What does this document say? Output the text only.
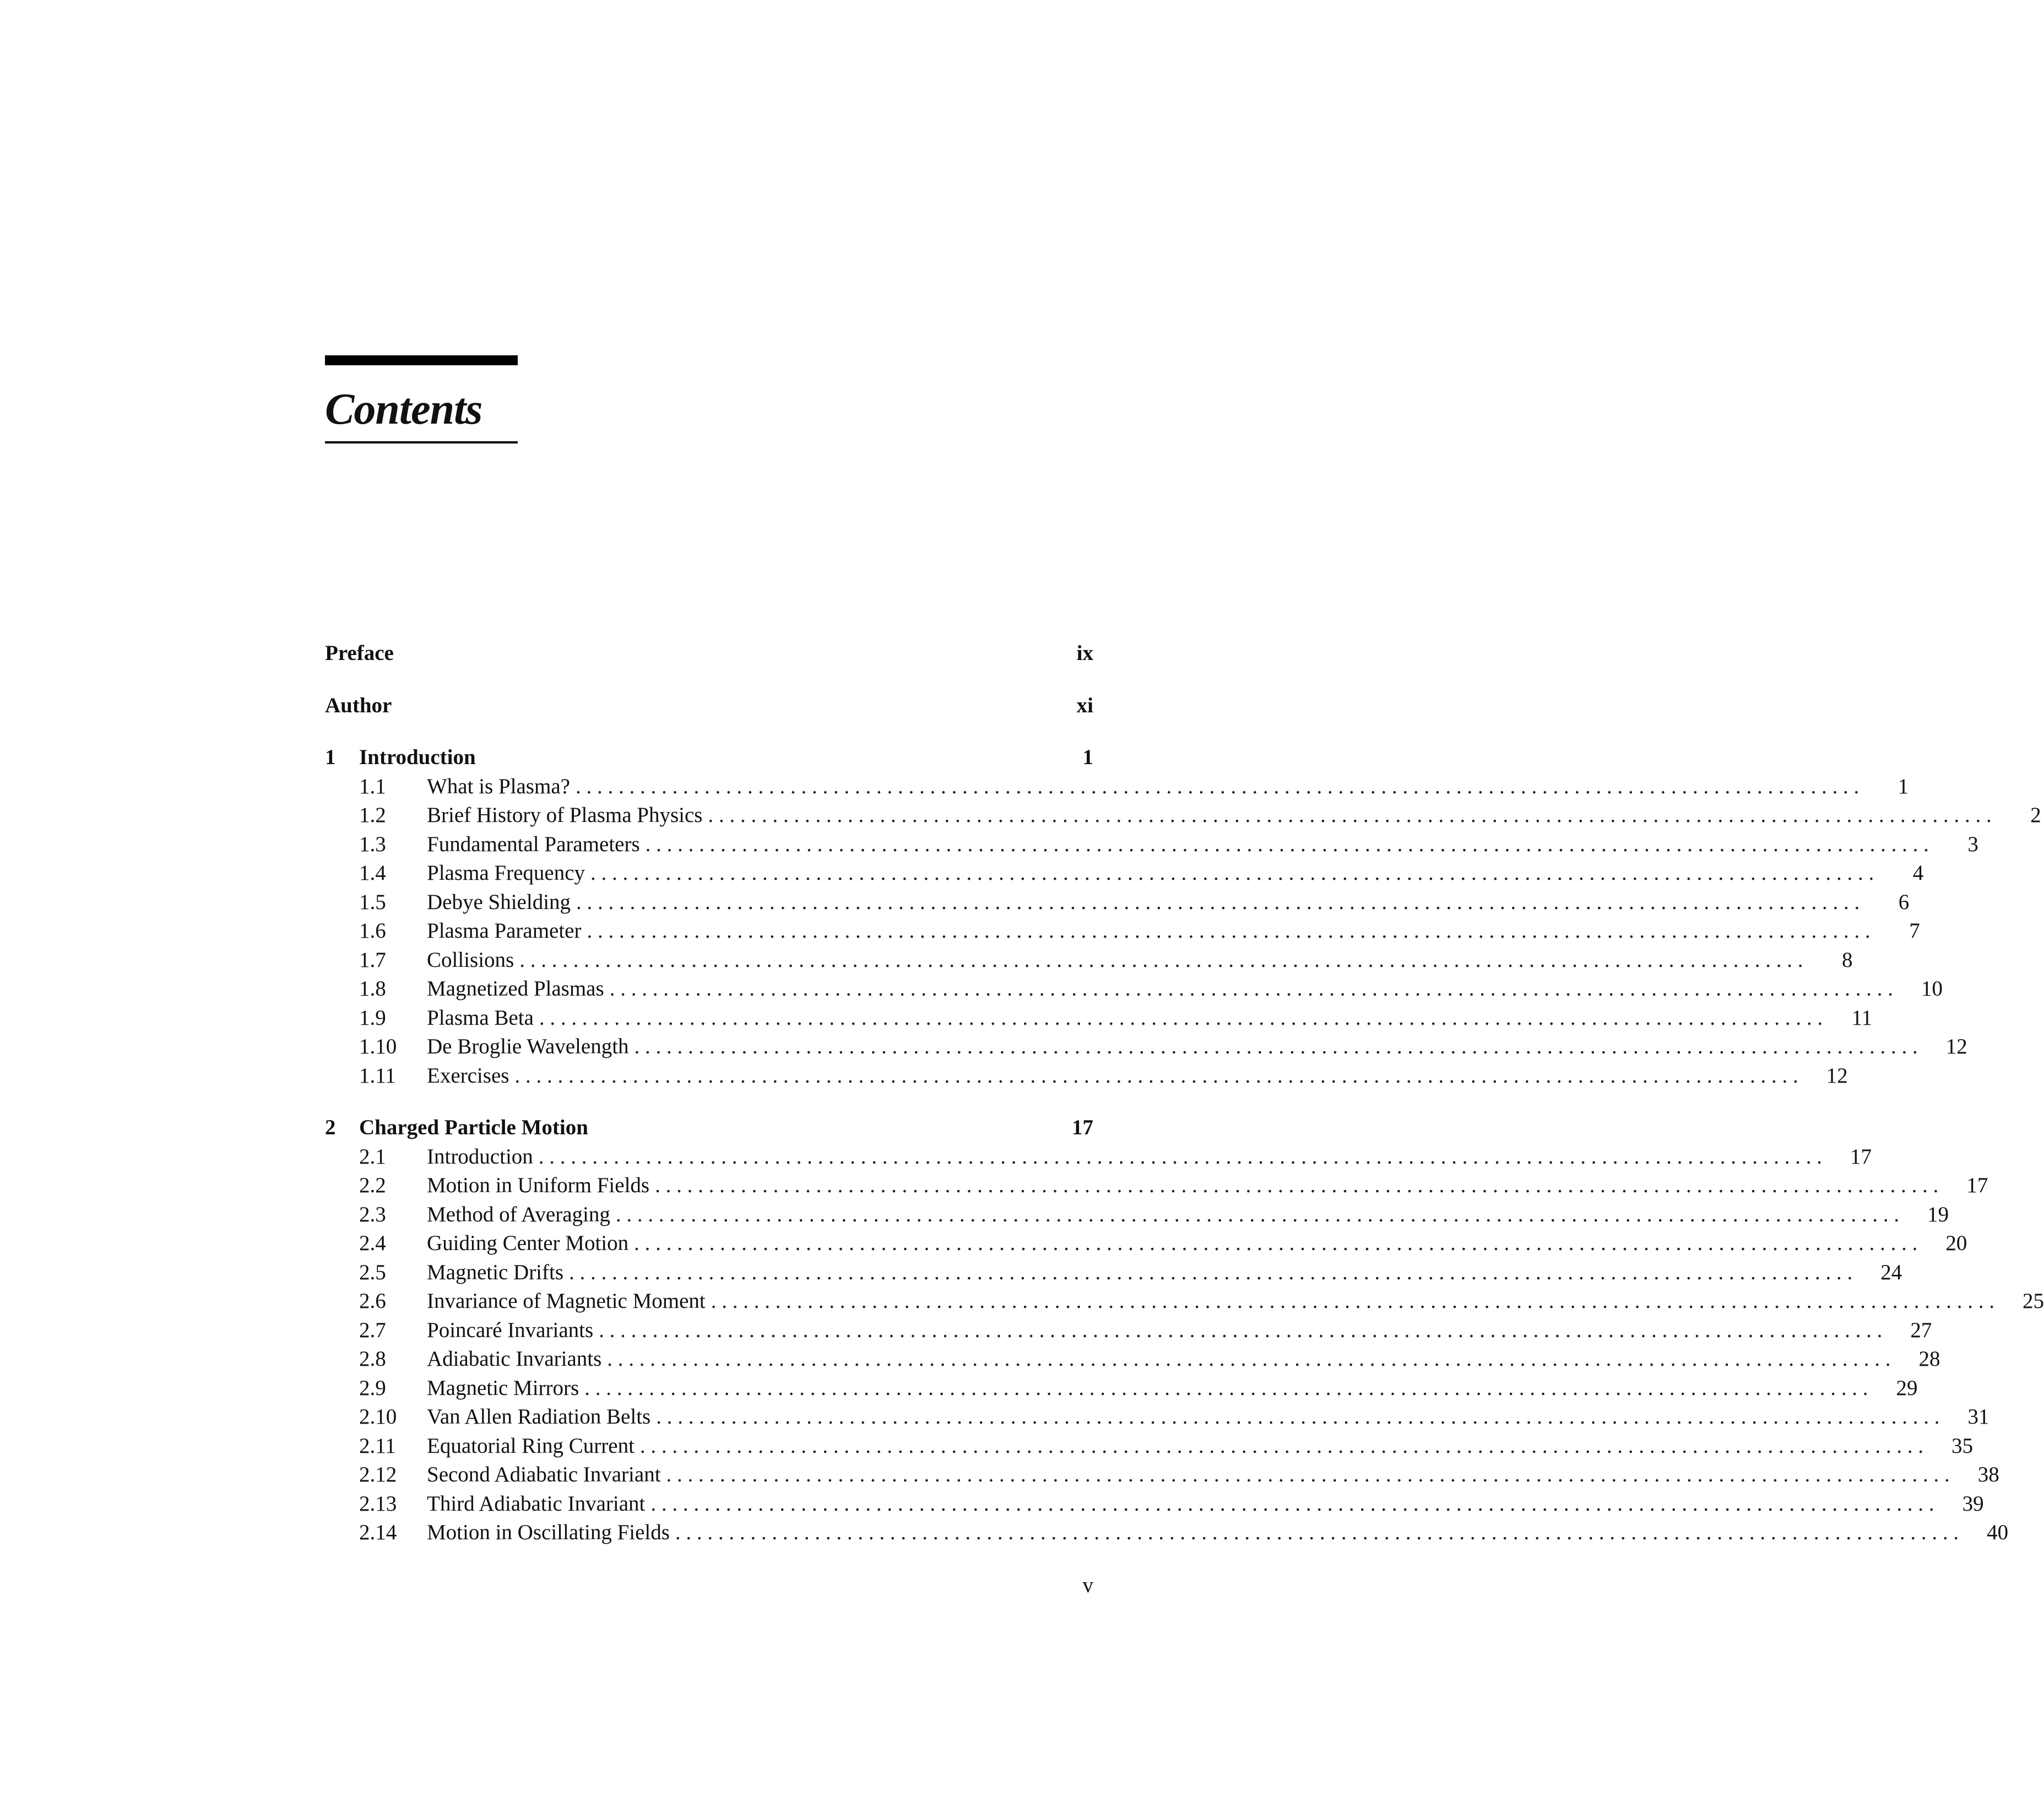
Contents
Preface	ix
Author	xi
1	Introduction	1
1.1	What is Plasma? . . . . . . . . . . . . . . . . . . . . . . . . . . . . . . . . . . . . . . . . . . . . . . . . . . . . . . . . . . . . . . . . . . . . . . . . . . . . . . . . . . . . . . . . . . . . . . . . . . . . . . . . . . . . . . . . . . . . . . . .	1
1.2	Brief History of Plasma Physics . . . . . . . . . . . . . . . . . . . . . . . . . . . . . . . . . . . . . . . . . . . . . . . . . . . . . . . . . . . . . . . . . . . . . . . . . . . . . . . . . . . . . . . . . . . . . . . . . . . . . . . . . . . . . . . . . . . . . . . .	2
1.3	Fundamental Parameters . . . . . . . . . . . . . . . . . . . . . . . . . . . . . . . . . . . . . . . . . . . . . . . . . . . . . . . . . . . . . . . . . . . . . . . . . . . . . . . . . . . . . . . . . . . . . . . . . . . . . . . . . . . . . . . . . . . . . . . .	3
1.4	Plasma Frequency . . . . . . . . . . . . . . . . . . . . . . . . . . . . . . . . . . . . . . . . . . . . . . . . . . . . . . . . . . . . . . . . . . . . . . . . . . . . . . . . . . . . . . . . . . . . . . . . . . . . . . . . . . . . . . . . . . . . . . . .	4
1.5	Debye Shielding . . . . . . . . . . . . . . . . . . . . . . . . . . . . . . . . . . . . . . . . . . . . . . . . . . . . . . . . . . . . . . . . . . . . . . . . . . . . . . . . . . . . . . . . . . . . . . . . . . . . . . . . . . . . . . . . . . . . . . . .	6
1.6	Plasma Parameter . . . . . . . . . . . . . . . . . . . . . . . . . . . . . . . . . . . . . . . . . . . . . . . . . . . . . . . . . . . . . . . . . . . . . . . . . . . . . . . . . . . . . . . . . . . . . . . . . . . . . . . . . . . . . . . . . . . . . . . .	7
1.7	Collisions . . . . . . . . . . . . . . . . . . . . . . . . . . . . . . . . . . . . . . . . . . . . . . . . . . . . . . . . . . . . . . . . . . . . . . . . . . . . . . . . . . . . . . . . . . . . . . . . . . . . . . . . . . . . . . . . . . . . . . . .	8
1.8	Magnetized Plasmas . . . . . . . . . . . . . . . . . . . . . . . . . . . . . . . . . . . . . . . . . . . . . . . . . . . . . . . . . . . . . . . . . . . . . . . . . . . . . . . . . . . . . . . . . . . . . . . . . . . . . . . . . . . . . . . . . . . . . . . .	10
1.9	Plasma Beta . . . . . . . . . . . . . . . . . . . . . . . . . . . . . . . . . . . . . . . . . . . . . . . . . . . . . . . . . . . . . . . . . . . . . . . . . . . . . . . . . . . . . . . . . . . . . . . . . . . . . . . . . . . . . . . . . . . . . . . .	11
1.10	De Broglie Wavelength . . . . . . . . . . . . . . . . . . . . . . . . . . . . . . . . . . . . . . . . . . . . . . . . . . . . . . . . . . . . . . . . . . . . . . . . . . . . . . . . . . . . . . . . . . . . . . . . . . . . . . . . . . . . . . . . . . . . . . . .	12
1.11	Exercises . . . . . . . . . . . . . . . . . . . . . . . . . . . . . . . . . . . . . . . . . . . . . . . . . . . . . . . . . . . . . . . . . . . . . . . . . . . . . . . . . . . . . . . . . . . . . . . . . . . . . . . . . . . . . . . . . . . . . . . .	12
2	Charged Particle Motion	17
2.1	Introduction . . . . . . . . . . . . . . . . . . . . . . . . . . . . . . . . . . . . . . . . . . . . . . . . . . . . . . . . . . . . . . . . . . . . . . . . . . . . . . . . . . . . . . . . . . . . . . . . . . . . . . . . . . . . . . . . . . . . . . . .	17
2.2	Motion in Uniform Fields . . . . . . . . . . . . . . . . . . . . . . . . . . . . . . . . . . . . . . . . . . . . . . . . . . . . . . . . . . . . . . . . . . . . . . . . . . . . . . . . . . . . . . . . . . . . . . . . . . . . . . . . . . . . . . . . . . . . . . . .	17
2.3	Method of Averaging . . . . . . . . . . . . . . . . . . . . . . . . . . . . . . . . . . . . . . . . . . . . . . . . . . . . . . . . . . . . . . . . . . . . . . . . . . . . . . . . . . . . . . . . . . . . . . . . . . . . . . . . . . . . . . . . . . . . . . . .	19
2.4	Guiding Center Motion . . . . . . . . . . . . . . . . . . . . . . . . . . . . . . . . . . . . . . . . . . . . . . . . . . . . . . . . . . . . . . . . . . . . . . . . . . . . . . . . . . . . . . . . . . . . . . . . . . . . . . . . . . . . . . . . . . . . . . . .	20
2.5	Magnetic Drifts . . . . . . . . . . . . . . . . . . . . . . . . . . . . . . . . . . . . . . . . . . . . . . . . . . . . . . . . . . . . . . . . . . . . . . . . . . . . . . . . . . . . . . . . . . . . . . . . . . . . . . . . . . . . . . . . . . . . . . . .	24
2.6	Invariance of Magnetic Moment . . . . . . . . . . . . . . . . . . . . . . . . . . . . . . . . . . . . . . . . . . . . . . . . . . . . . . . . . . . . . . . . . . . . . . . . . . . . . . . . . . . . . . . . . . . . . . . . . . . . . . . . . . . . . . . . . . . . . . . .	25
2.7	Poincaré Invariants . . . . . . . . . . . . . . . . . . . . . . . . . . . . . . . . . . . . . . . . . . . . . . . . . . . . . . . . . . . . . . . . . . . . . . . . . . . . . . . . . . . . . . . . . . . . . . . . . . . . . . . . . . . . . . . . . . . . . . . .	27
2.8	Adiabatic Invariants . . . . . . . . . . . . . . . . . . . . . . . . . . . . . . . . . . . . . . . . . . . . . . . . . . . . . . . . . . . . . . . . . . . . . . . . . . . . . . . . . . . . . . . . . . . . . . . . . . . . . . . . . . . . . . . . . . . . . . . .	28
2.9	Magnetic Mirrors . . . . . . . . . . . . . . . . . . . . . . . . . . . . . . . . . . . . . . . . . . . . . . . . . . . . . . . . . . . . . . . . . . . . . . . . . . . . . . . . . . . . . . . . . . . . . . . . . . . . . . . . . . . . . . . . . . . . . . . .	29
2.10	Van Allen Radiation Belts . . . . . . . . . . . . . . . . . . . . . . . . . . . . . . . . . . . . . . . . . . . . . . . . . . . . . . . . . . . . . . . . . . . . . . . . . . . . . . . . . . . . . . . . . . . . . . . . . . . . . . . . . . . . . . . . . . . . . . . .	31
2.11	Equatorial Ring Current . . . . . . . . . . . . . . . . . . . . . . . . . . . . . . . . . . . . . . . . . . . . . . . . . . . . . . . . . . . . . . . . . . . . . . . . . . . . . . . . . . . . . . . . . . . . . . . . . . . . . . . . . . . . . . . . . . . . . . . .	35
2.12	Second Adiabatic Invariant . . . . . . . . . . . . . . . . . . . . . . . . . . . . . . . . . . . . . . . . . . . . . . . . . . . . . . . . . . . . . . . . . . . . . . . . . . . . . . . . . . . . . . . . . . . . . . . . . . . . . . . . . . . . . . . . . . . . . . . .	38
2.13	Third Adiabatic Invariant . . . . . . . . . . . . . . . . . . . . . . . . . . . . . . . . . . . . . . . . . . . . . . . . . . . . . . . . . . . . . . . . . . . . . . . . . . . . . . . . . . . . . . . . . . . . . . . . . . . . . . . . . . . . . . . . . . . . . . . .	39
2.14	Motion in Oscillating Fields . . . . . . . . . . . . . . . . . . . . . . . . . . . . . . . . . . . . . . . . . . . . . . . . . . . . . . . . . . . . . . . . . . . . . . . . . . . . . . . . . . . . . . . . . . . . . . . . . . . . . . . . . . . . . . . . . . . . . . . .	40
v
